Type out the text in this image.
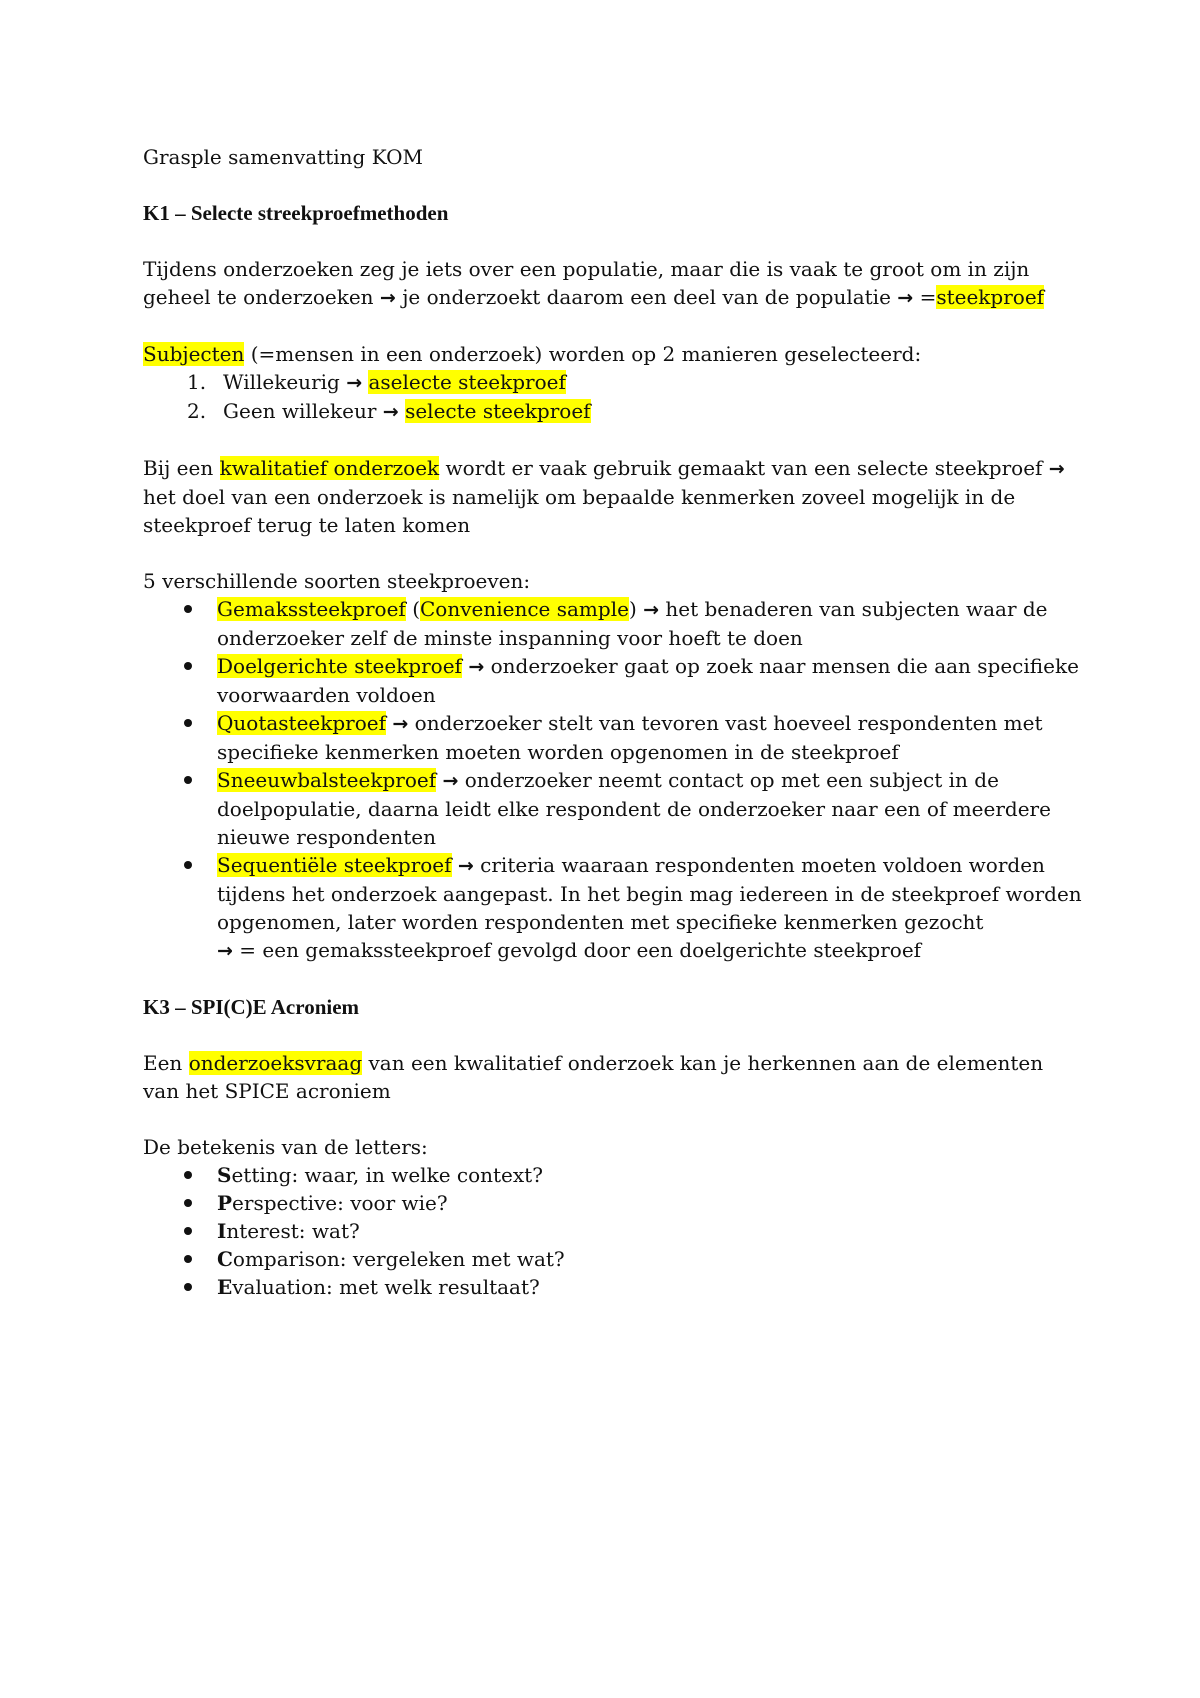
Grasple samenvatting KOM

K1 – Selecte streekproefmethoden

Tijdens onderzoeken zeg je iets over een populatie, maar die is vaak te groot om in zijn geheel te onderzoeken → je onderzoekt daarom een deel van de populatie → =steekproef

Subjecten (=mensen in een onderzoek) worden op 2 manieren geselecteerd:

1. Willekeurig → aselecte steekproef
2. Geen willekeur → selecte steekproef

Bij een kwalitatief onderzoek wordt er vaak gebruik gemaakt van een selecte steekproef → het doel van een onderzoek is namelijk om bepaalde kenmerken zoveel mogelijk in de steekproef terug te laten komen

5 verschillende soorten steekproeven:

Gemakssteekproef (Convenience sample) → het benaderen van subjecten waar de onderzoeker zelf de minste inspanning voor hoeft te doen
Doelgerichte steekproef → onderzoeker gaat op zoek naar mensen die aan specifieke voorwaarden voldoen
Quotasteekproef → onderzoeker stelt van tevoren vast hoeveel respondenten met specifieke kenmerken moeten worden opgenomen in de steekproef
Sneeuwbalsteekproef → onderzoeker neemt contact op met een subject in de doelpopulatie, daarna leidt elke respondent de onderzoeker naar een of meerdere nieuwe respondenten
Sequentiële steekproef → criteria waaraan respondenten moeten voldoen worden tijdens het onderzoek aangepast. In het begin mag iedereen in de steekproef worden opgenomen, later worden respondenten met specifieke kenmerken gezocht
→ = een gemakssteekproef gevolgd door een doelgerichte steekproef

K3 – SPI(C)E Acroniem

Een onderzoeksvraag van een kwalitatief onderzoek kan je herkennen aan de elementen van het SPICE acroniem

De betekenis van de letters:

Setting: waar, in welke context?
Perspective: voor wie?
Interest: wat?
Comparison: vergeleken met wat?
Evaluation: met welk resultaat?
